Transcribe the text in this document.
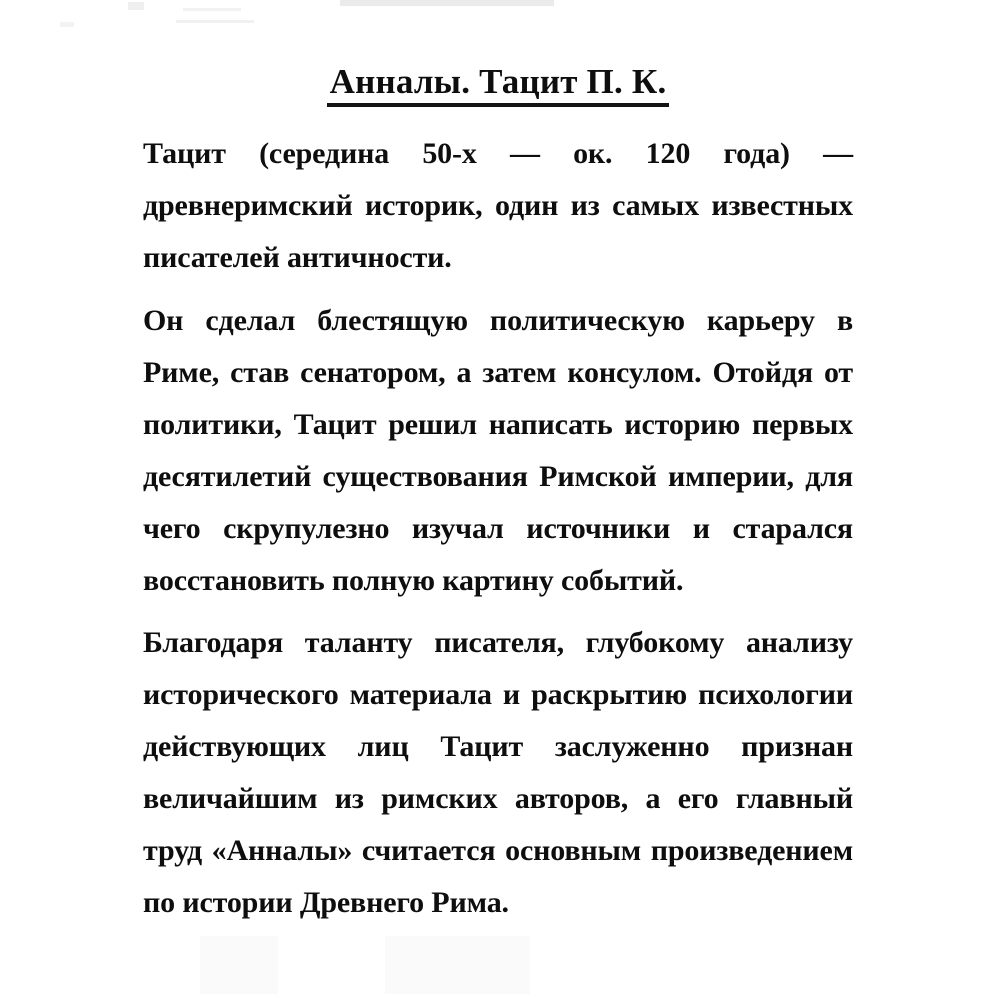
Анналы. Тацит П. К.
Тацит (середина 50-х — ок. 120 года) —
древнеримский историк, один из самых известных
писателей античности.
Он сделал блестящую политическую карьеру в
Риме, став сенатором, а затем консулом. Отойдя от
политики, Тацит решил написать историю первых
десятилетий существования Римской империи, для
чего скрупулезно изучал источники и старался
восстановить полную картину событий.
Благодаря таланту писателя, глубокому анализу
исторического материала и раскрытию психологии
действующих лиц Тацит заслуженно признан
величайшим из римских авторов, а его главный
труд «Анналы» считается основным произведением
по истории Древнего Рима.
